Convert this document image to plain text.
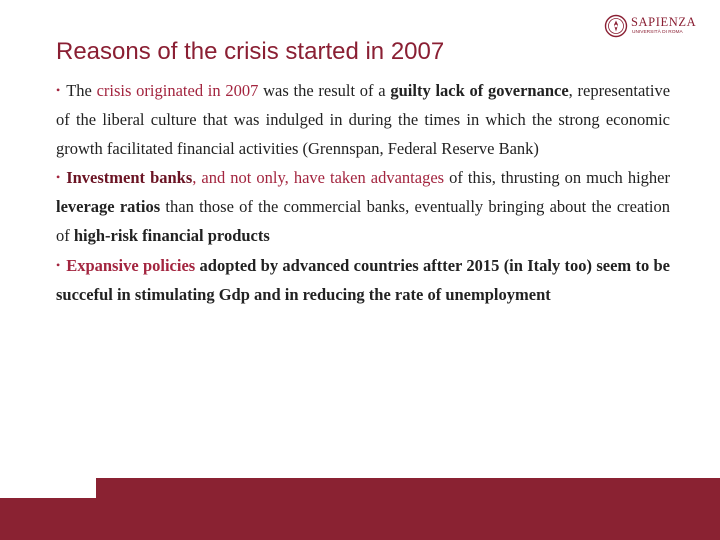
Reasons of the crisis started in 2007
SAPIENZA
UNIVERSITÀ DI ROMA

• The crisis originated in 2007 was the result of a guilty lack of governance, representative of the liberal culture that was indulged in during the times in which the strong economic growth facilitated financial activities (Grennspan, Federal Reserve Bank)

• Investment banks, and not only, have taken advantages of this, thrusting on much higher leverage ratios than those of the commercial banks, eventually bringing about the creation of high-risk financial products

• Expansive policies adopted by advanced countries aftter 2015 (in Italy too) seem to be succeful in stimulating Gdp and in reducing the rate of unemployment
